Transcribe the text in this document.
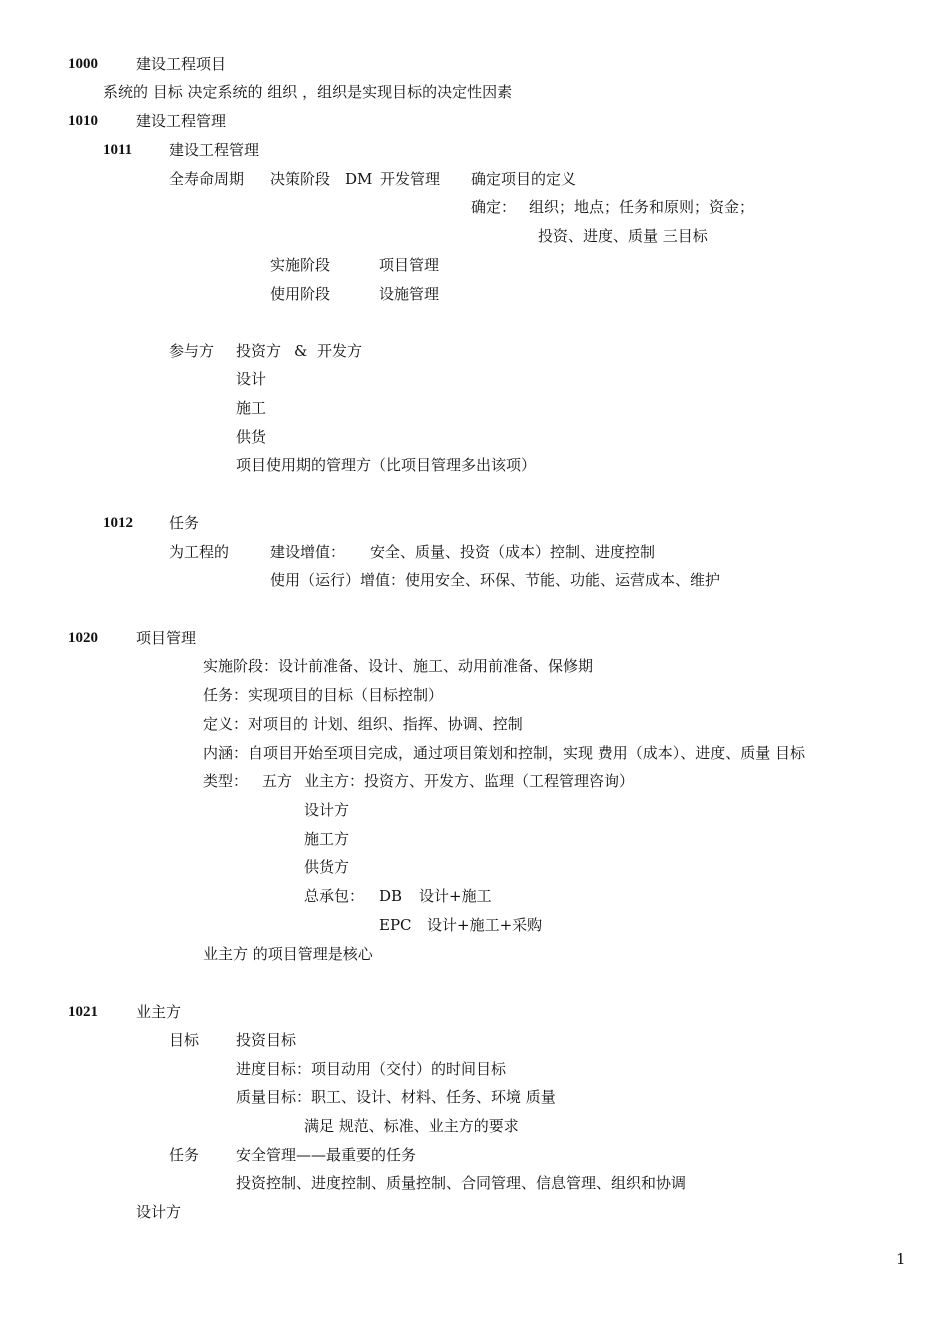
1000	建设工程项目
系统的 目标 决定系统的 组织 ，组织是实现目标的决定性因素
1010	建设工程管理
1011 建设工程管理
全寿命周期 决策阶段 DM 开发管理 确定项目的定义
确定： 组织；地点；任务和原则；资金；
投资、进度、质量 三目标
实施阶段	项目管理
使用阶段	设施管理
参与方 投资方 & 开发方
设计
施工
供货
项目使用期的管理方（比项目管理多出该项）
1012 任务
为工程的	建设增值： 安全、质量、投资（成本）控制、进度控制
使用（运行）增值：使用安全、环保、节能、功能、运营成本、维护
1020	项目管理
实施阶段：设计前准备、设计、施工、动用前准备、保修期
任务：实现项目的目标（目标控制）
定义：对项目的 计划、组织、指挥、协调、控制
内涵：自项目开始至项目完成，通过项目策划和控制，实现 费用（成本）、进度、质量 目标
类型： 五方 业主方：投资方、开发方、监理（工程管理咨询）
设计方
施工方
供货方
总承包： DB 设计+施工
EPC 设计+施工+采购
业主方 的项目管理是核心
1021	业主方
目标 投资目标
进度目标：项目动用（交付）的时间目标
质量目标：职工、设计、材料、任务、环境 质量
满足 规范、标准、业主方的要求
任务 安全管理——最重要的任务
投资控制、进度控制、质量控制、合同管理、信息管理、组织和协调
设计方
1
